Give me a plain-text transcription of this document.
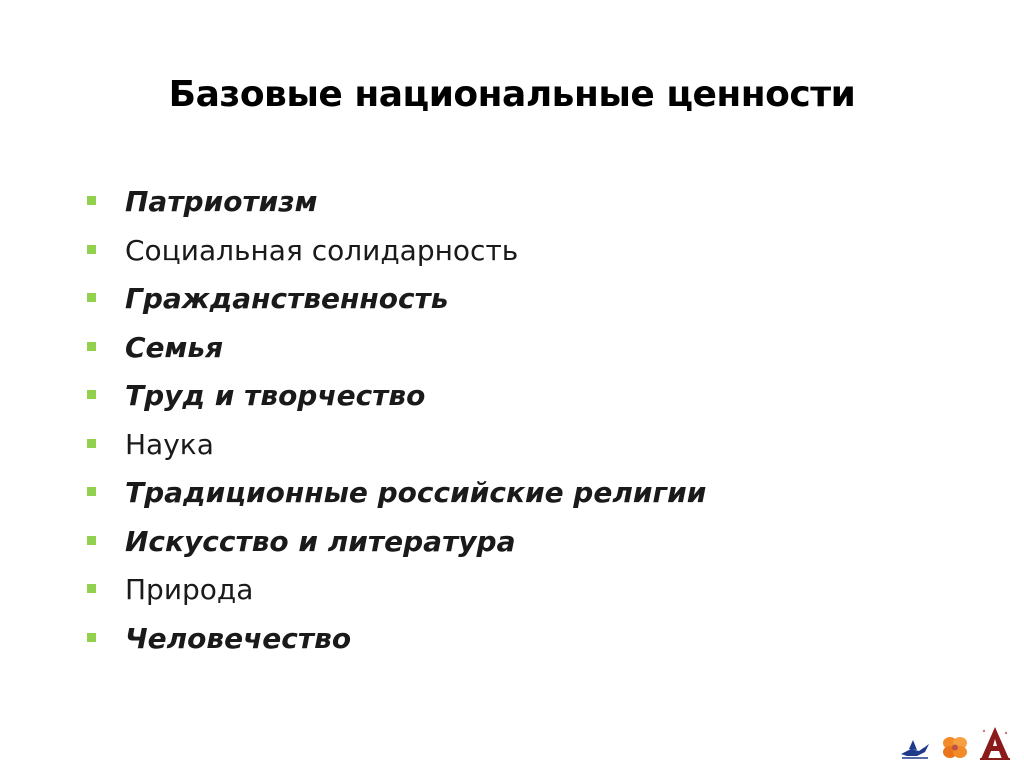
Базовые национальные ценности
Патриотизм
Социальная солидарность
Гражданственность
Семья
Труд и творчество
Наука
Традиционные российские религии
Искусство и литература
Природа
Человечество
